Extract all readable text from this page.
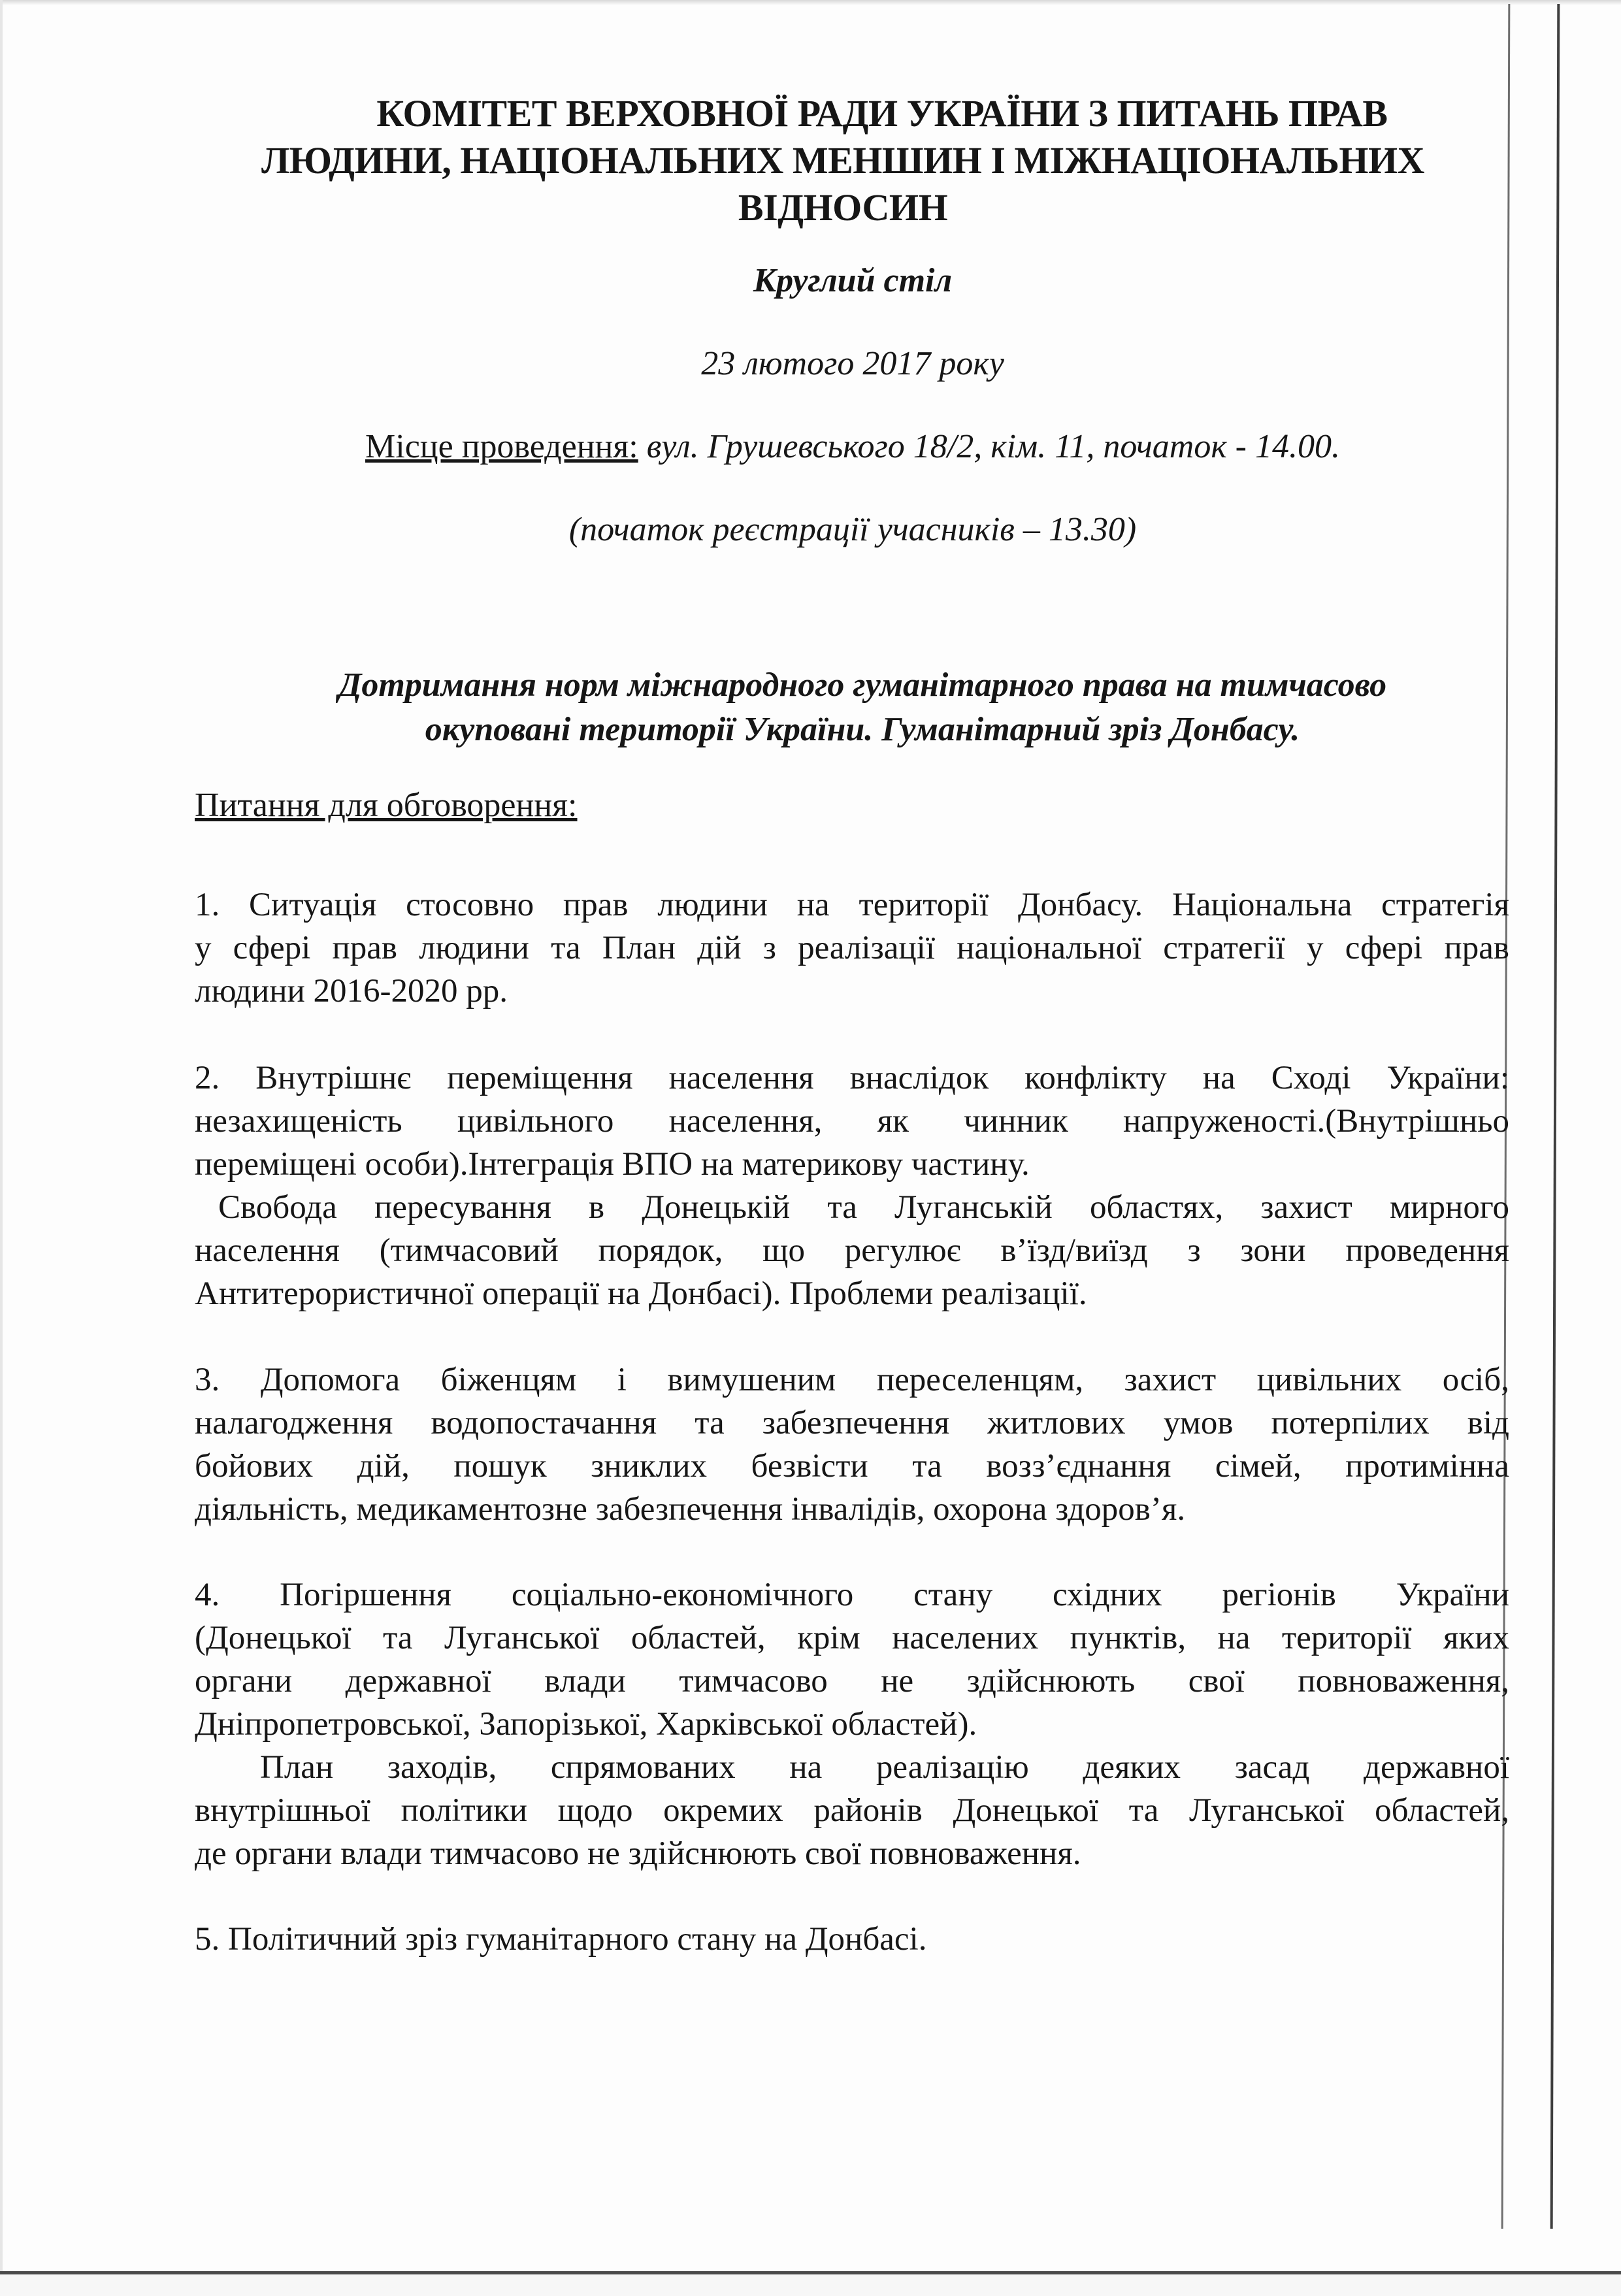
КОМІТЕТ ВЕРХОВНОЇ РАДИ УКРАЇНИ З ПИТАНЬ ПРАВ
ЛЮДИНИ, НАЦІОНАЛЬНИХ МЕНШИН І МІЖНАЦІОНАЛЬНИХ
ВІДНОСИН
Круглий стіл
23 лютого 2017 року
Місце проведення: вул. Грушевського 18/2, кім. 11, початок - 14.00.
(початок реєстрації учасників – 13.30)
Дотримання норм міжнародного гуманітарного права на тимчасово
окуповані території України. Гуманітарний зріз Донбасу.
Питання для обговорення:
1. Ситуація стосовно прав людини на території Донбасу. Національна стратегія
у сфері прав людини та План дій з реалізації національної стратегії у сфері прав
людини 2016-2020 рр.
2. Внутрішнє переміщення населення внаслідок конфлікту на Сході України:
незахищеність цивільного населення, як чинник напруженості.(Внутрішньо
переміщені особи).Інтеграція ВПО на материкову частину.
Свобода пересування в Донецькій та Луганській областях, захист мирного
населення (тимчасовий порядок, що регулює в’їзд/виїзд з зони проведення
Антитерористичної операції на Донбасі). Проблеми реалізації.
3. Допомога біженцям і вимушеним переселенцям, захист цивільних осіб,
налагодження водопостачання та забезпечення житлових умов потерпілих від
бойових дій, пошук зниклих безвісти та возз’єднання сімей, протимінна
діяльність, медикаментозне забезпечення інвалідів, охорона здоров’я.
4. Погіршення соціально-економічного стану східних регіонів України
(Донецької та Луганської областей, крім населених пунктів, на території яких
органи державної влади тимчасово не здійснюють свої повноваження,
Дніпропетровської, Запорізької, Харківської областей).
План заходів, спрямованих на реалізацію деяких засад державної
внутрішньої політики щодо окремих районів Донецької та Луганської областей,
де органи влади тимчасово не здійснюють свої повноваження.
5. Політичний зріз гуманітарного стану на Донбасі.
